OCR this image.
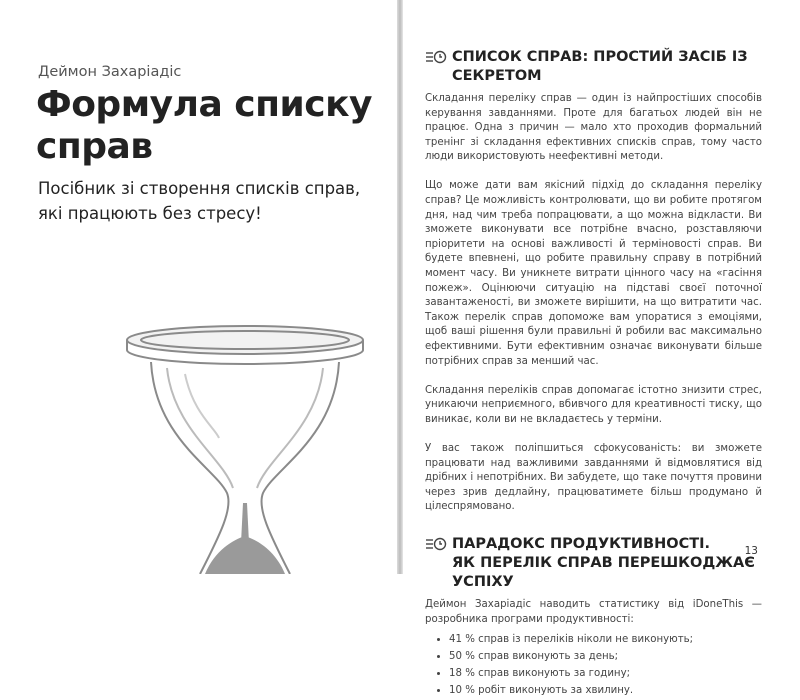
Деймон Захаріадіс
Формула списку справ
Посібник зі створення списків справ, які працюють без стресу!
СПИСОК СПРАВ: ПРОСТИЙ ЗАСІБ ІЗ СЕКРЕТОМ

Складання переліку справ — один із найпростіших способів керування завданнями. Проте для багатьох людей він не працює. Одна з причин — мало хто проходив формальний тренінг зі складання ефективних списків справ, тому часто люди використовують неефективні методи.

Що може дати вам якісний підхід до складання переліку справ? Це можливість контролювати, що ви робите протягом дня, над чим треба попрацювати, а що можна відкласти. Ви зможете виконувати все потрібне вчасно, розставляючи пріоритети на основі важливості й терміновості справ. Ви будете впевнені, що робите правильну справу в потрібний момент часу. Ви уникнете витрати цінного часу на «гасіння пожеж». Оцінюючи ситуацію на підставі своєї поточної завантаженості, ви зможете вирішити, на що витратити час. Також перелік справ допоможе вам упоратися з емоціями, щоб ваші рішення були правильні й робили вас максимально ефективними. Бути ефективним означає виконувати більше потрібних справ за менший час.

Складання переліків справ допомагає істотно знизити стрес, уникаючи неприємного, вбивчого для креативності тиску, що виникає, коли ви не вкладаєтесь у терміни.

У вас також поліпшиться сфокусованість: ви зможете працювати над важливими завданнями й відмовлятися від дрібних і непотрібних. Ви забудете, що таке почуття провини через зрив дедлайну, працюватимете більш продумано й цілеспрямовано.

ПАРАДОКС ПРОДУКТИВНОСТІ.
ЯК ПЕРЕЛІК СПРАВ ПЕРЕШКОДЖАЄ УСПІХУ

Деймон Захаріадіс наводить статистику від iDoneThis — розробника програми продуктивності:

• 41 % справ із переліків ніколи не виконують;
• 50 % справ виконують за день;
• 18 % справ виконують за годину;
• 10 % робіт виконують за хвилину.
13
